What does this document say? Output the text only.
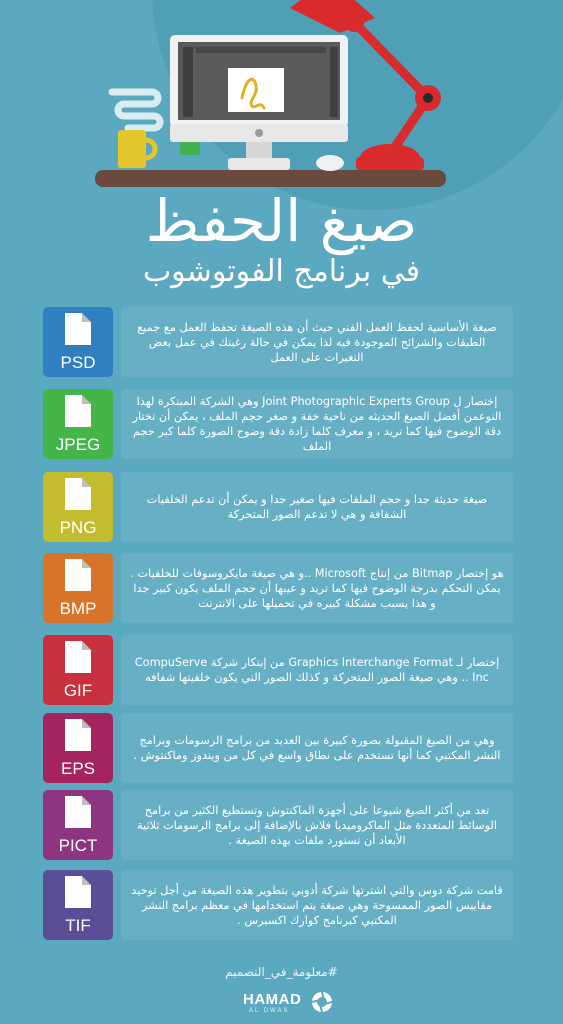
صيغ الحفظ
في برنامج الفوتوشوب
PSD
صيغة الأساسية لحفظ العمل الفني حيث أن هذه الصيغة تحفظ العمل مع جميع الطبقات والشرائح الموجودة فيه لذا يمكن في حالة رغبتك في عمل بعض التغيرات على العمل
JPEG
إختصار ل Joint Photographic Experts Group وهي الشركة المبتكرة لهذا النوعمن أفضل الصيغ الحديثه من ناحية خفة و صغر حجم الملف ، يمكن أن تختار دقة الوضوح فيها كما تريد ، و معرف كلما زادة دقة وضوح الصورة كلما كبر حجم الملف
PNG
صيغة حديثة جدا و حجم الملفات فيها صغير جدا و يمكن أن تدعم الخلفيات الشفافة و هي لا تدعم الصور المتحركة
BMP
هو إختصار Bitmap من إنتاج Microsoft ..و هي صيغة مايكروسوفات للخلفيات . يمكن التحكم بدرجة الوضوح فيها كما تريد و عيبها أن حجم الملف يكون كبير جدا و هذا يسبب مشكلة كبيره في تحميلها على الانترنت
GIF
إختصار لـ Graphics Interchange Format من إبتكار شركة CompuServe Inc .. وهي صيغة الصور المتحركة و كذلك الصور التي يكون خلفيتها شفافه
EPS
وهي من الصيغ المقبولة بصورة كبيرة بين العديد من برامج الرسومات وبرامج النشر المكتبي كما أنها تستخدم على نطاق واسع في كل من ويندوز وماكنتوش .
PICT
تعد من أكثر الصيغ شيوعا على أجهزة الماكنتوش وتستطيع الكثير من برامج الوسائط المتعددة مثل الماكروميديا فلاش بالإضافة إلى برامج الرسومات ثلاثية الأبعاد أن تستورد ملفات بهذه الصيغة .
TIF
قامت شركة دوس والتي اشترتها شركة أدوبي بتطوير هذه الصيغة من أجل توحيد مقاييس الصور الممسوحة وهي صيغة يتم استخدامها في معظم برامج النشر المكتبي كبرنامج كوارك اكسبرس .
#معلومة_في_التصميم
HAMAD
AL DWAS
